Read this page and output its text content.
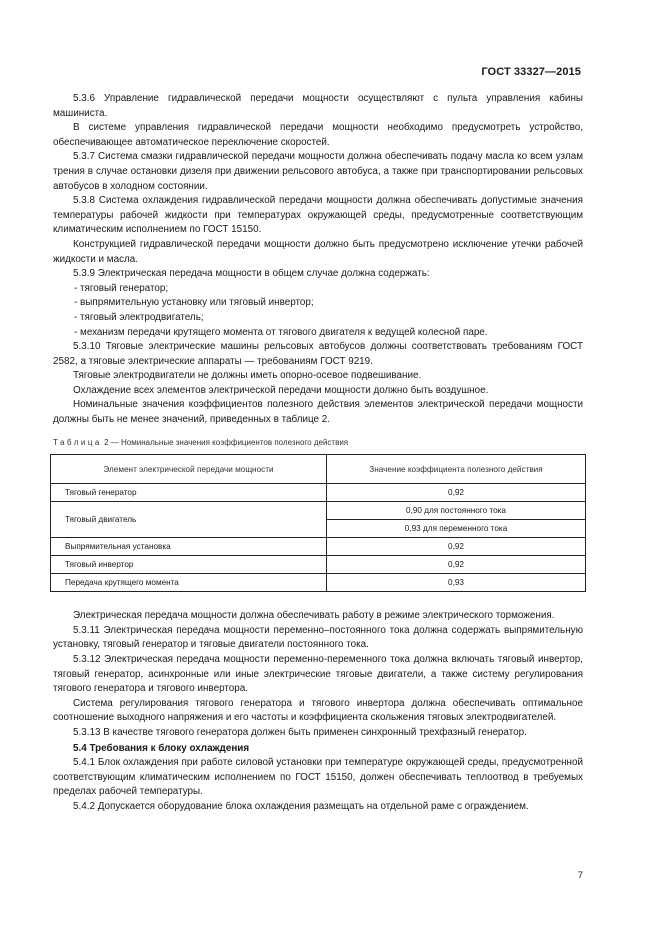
ГОСТ 33327—2015

5.3.6 Управление гидравлической передачи мощности осуществляют с пульта управления кабины машиниста.

В системе управления гидравлической передачи мощности необходимо предусмотреть устройство, обеспечивающее автоматическое переключение скоростей.

5.3.7 Система смазки гидравлической передачи мощности должна обеспечивать подачу масла ко всем узлам трения в случае остановки дизеля при движении рельсового автобуса, а также при транспортировании рельсовых автобусов в холодном состоянии.

5.3.8 Система охлаждения гидравлической передачи мощности должна обеспечивать допустимые значения температуры рабочей жидкости при температурах окружающей среды, предусмотренные соответствующим климатическим исполнением по ГОСТ 15150.

Конструкцией гидравлической передачи мощности должно быть предусмотрено исключение утечки рабочей жидкости и масла.

5.3.9 Электрическая передача мощности в общем случае должна содержать:

- тяговый генератор;

- выпрямительную установку или тяговый инвертор;

- тяговый электродвигатель;

- механизм передачи крутящего момента от тягового двигателя к ведущей колесной паре.

5.3.10 Тяговые электрические машины рельсовых автобусов должны соответствовать требованиям ГОСТ 2582, а тяговые электрические аппараты — требованиям ГОСТ 9219.

Тяговые электродвигатели не должны иметь опорно-осевое подвешивание.

Охлаждение всех элементов электрической передачи мощности должно быть воздушное.

Номинальные значения коэффициентов полезного действия элементов электрической передачи мощности должны быть не менее значений, приведенных в таблице 2.

Таблица 2 — Номинальные значения коэффициентов полезного действия

Элемент электрической передачи мощности	Значение коэффициента полезного действия
Тяговый генератор	0,92
Тяговый двигатель	0,90 для постоянного тока
	0,93 для переменного тока
Выпрямительная установка	0,92
Тяговый инвертор	0,92
Передача крутящего момента	0,93

Электрическая передача мощности должна обеспечивать работу в режиме электрического торможения.

5.3.11 Электрическая передача мощности переменно–постоянного тока должна содержать выпрямительную установку, тяговый генератор и тяговые двигатели постоянного тока.

5.3.12 Электрическая передача мощности переменно-переменного тока должна включать тяговый инвертор, тяговый генератор, асинхронные или иные электрические тяговые двигатели, а также систему регулирования тягового генератора и тягового инвертора.

Система регулирования тягового генератора и тягового инвертора должна обеспечивать оптимальное соотношение выходного напряжения и его частоты и коэффициента скольжения тяговых электродвигателей.

5.3.13 В качестве тягового генератора должен быть применен синхронный трехфазный генератор.

5.4 Требования к блоку охлаждения

5.4.1 Блок охлаждения при работе силовой установки при температуре окружающей среды, предусмотренной соответствующим климатическим исполнением по ГОСТ 15150, должен обеспечивать теплоотвод в требуемых пределах рабочей температуры.

5.4.2 Допускается оборудование блока охлаждения размещать на отдельной раме с ограждением.

7
